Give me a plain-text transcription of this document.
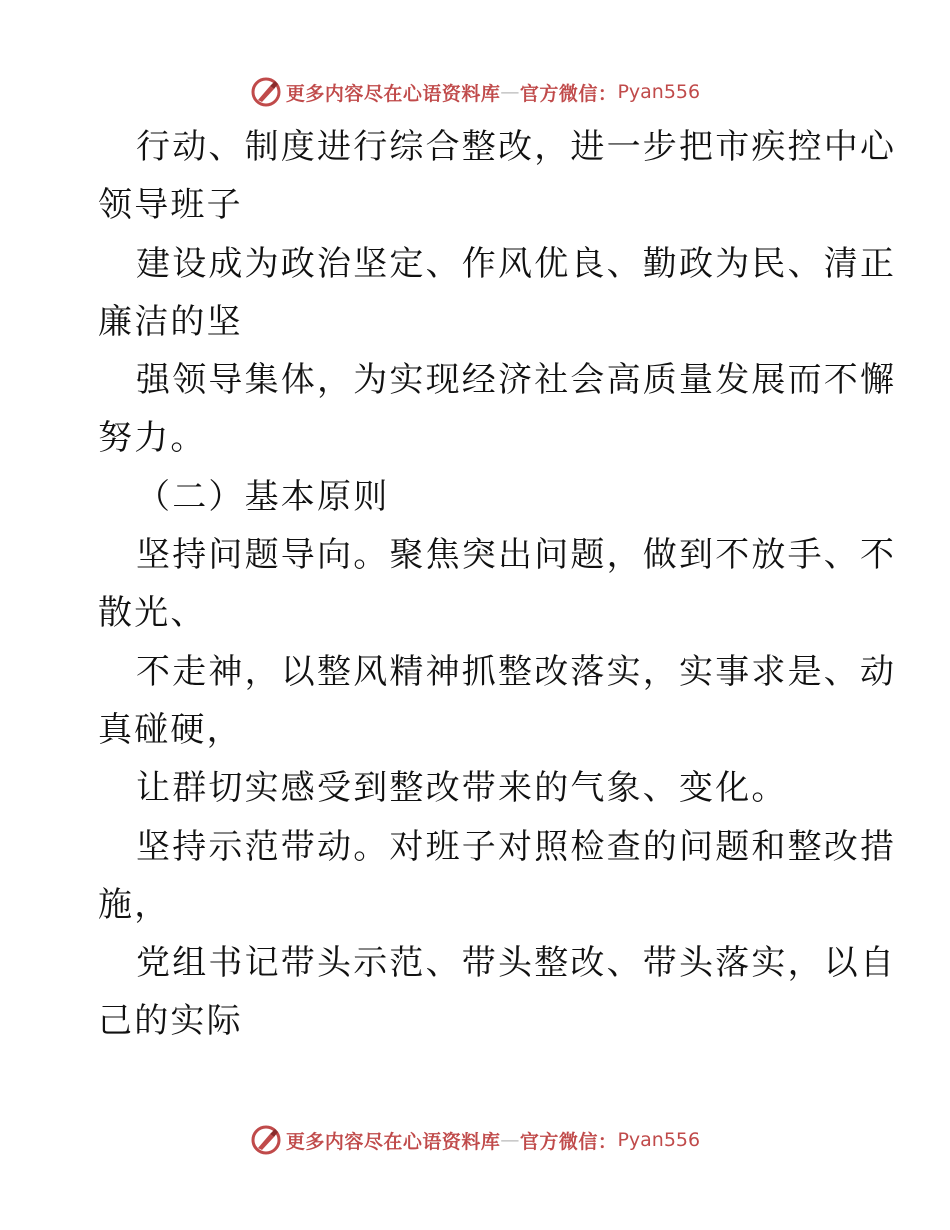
更多内容尽在心语资料库 — 官方微信： Pyan556
行动、制度进行综合整改，进一步把市疾控中心
领导班子
建设成为政治坚定、作风优良、勤政为民、清正
廉洁的坚
强领导集体，为实现经济社会高质量发展而不懈
努力。
（二）基本原则
坚持问题导向。聚焦突出问题，做到不放手、不
散光、
不走神，以整风精神抓整改落实，实事求是、动
真碰硬，
让群切实感受到整改带来的气象、变化。
坚持示范带动。对班子对照检查的问题和整改措
施，
党组书记带头示范、带头整改、带头落实，以自
己的实际
更多内容尽在心语资料库 — 官方微信： Pyan556
